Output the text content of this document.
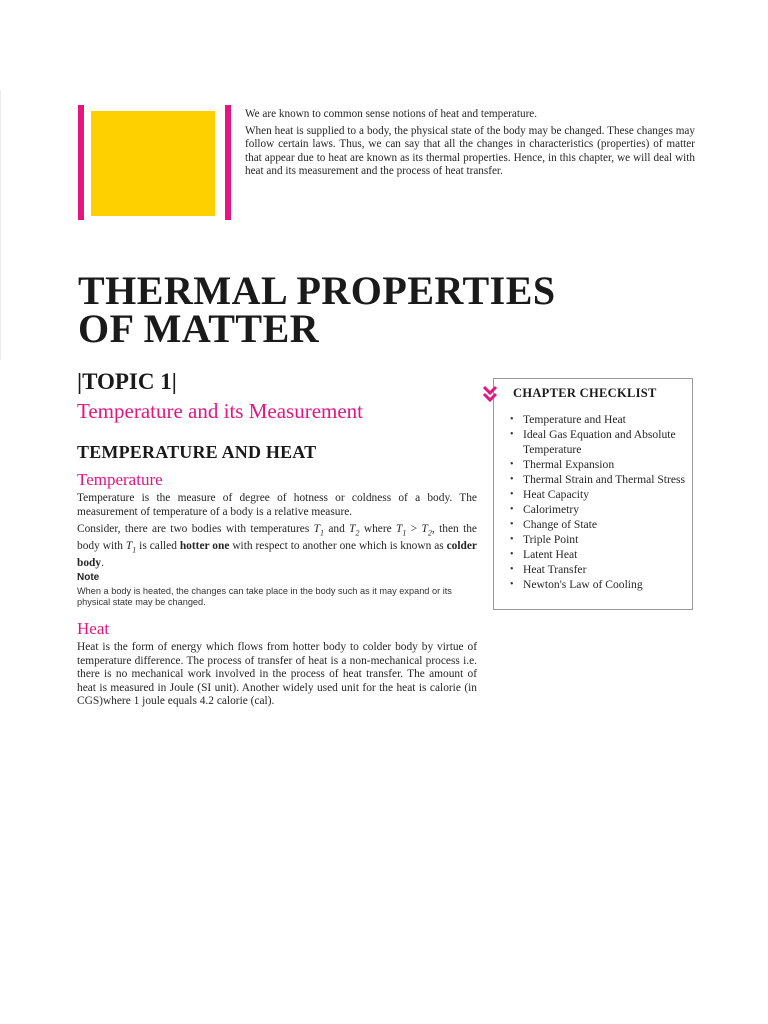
We are known to common sense notions of heat and temperature.

When heat is supplied to a body, the physical state of the body may be changed. These changes may follow certain laws. Thus, we can say that all the changes in characteristics (properties) of matter that appear due to heat are known as its thermal properties. Hence, in this chapter, we will deal with heat and its measurement and the process of heat transfer.

THERMAL PROPERTIES
OF MATTER
|TOPIC 1|
Temperature and its Measurement
TEMPERATURE AND HEAT
Temperature

Temperature is the measure of degree of hotness or coldness of a body. The measurement of temperature of a body is a relative measure.

Consider, there are two bodies with temperatures $T_1$ and $T_2$ where $T_1 > T_2$, then the body with $T_1$ is called hotter one with respect to another one which is known as colder body.

Note

When a body is heated, the changes can take place in the body such as it may expand or its physical state may be changed.

Heat

Heat is the form of energy which flows from hotter body to colder body by virtue of temperature difference. The process of transfer of heat is a non-mechanical process i.e. there is no mechanical work involved in the process of heat transfer. The amount of heat is measured in Joule (SI unit). Another widely used unit for the heat is calorie (in CGS)where 1 joule equals 4.2 calorie (cal).

CHAPTER CHECKLIST
• Temperature and Heat
• Ideal Gas Equation and Absolute Temperature
• Thermal Expansion
• Thermal Strain and Thermal Stress
• Heat Capacity
• Calorimetry
• Change of State
• Triple Point
• Latent Heat
• Heat Transfer
• Newton's Law of Cooling
